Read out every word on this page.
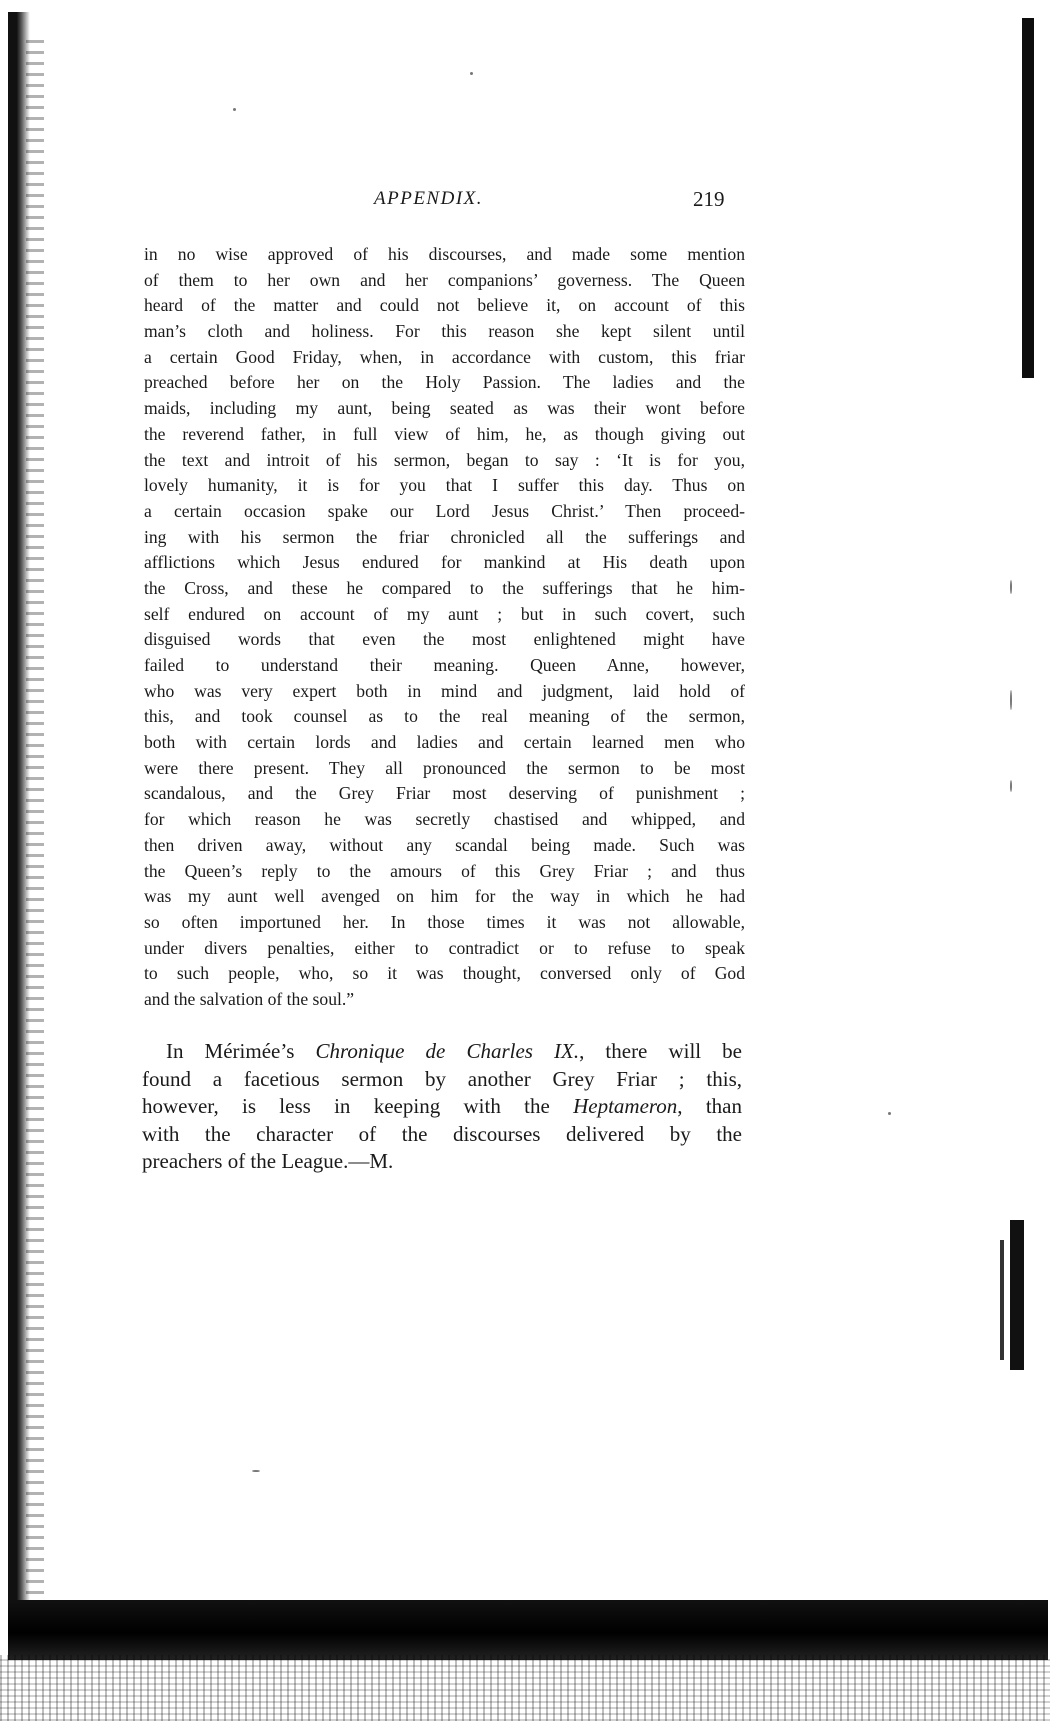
APPENDIX.	219
in no wise approved of his discourses, and made some mention
of them to her own and her companions’ governess. The Queen
heard of the matter and could not believe it, on account of this
man’s cloth and holiness. For this reason she kept silent until
a certain Good Friday, when, in accordance with custom, this friar
preached before her on the Holy Passion. The ladies and the
maids, including my aunt, being seated as was their wont before
the reverend father, in full view of him, he, as though giving out
the text and introit of his sermon, began to say : ‘It is for you,
lovely humanity, it is for you that I suffer this day. Thus on
a certain occasion spake our Lord Jesus Christ.’ Then proceed-
ing with his sermon the friar chronicled all the sufferings and
afflictions which Jesus endured for mankind at His death upon
the Cross, and these he compared to the sufferings that he him-
self endured on account of my aunt ; but in such covert, such
disguised words that even the most enlightened might have
failed to understand their meaning. Queen Anne, however,
who was very expert both in mind and judgment, laid hold of
this, and took counsel as to the real meaning of the sermon,
both with certain lords and ladies and certain learned men who
were there present. They all pronounced the sermon to be most
scandalous, and the Grey Friar most deserving of punishment ;
for which reason he was secretly chastised and whipped, and
then driven away, without any scandal being made. Such was
the Queen’s reply to the amours of this Grey Friar ; and thus
was my aunt well avenged on him for the way in which he had
so often importuned her. In those times it was not allowable,
under divers penalties, either to contradict or to refuse to speak
to such people, who, so it was thought, conversed only of God
and the salvation of the soul.”
In Mérimée’s Chronique de Charles IX., there will be
found a facetious sermon by another Grey Friar ; this,
however, is less in keeping with the Heptameron, than
with the character of the discourses delivered by the
preachers of the League.—M.
